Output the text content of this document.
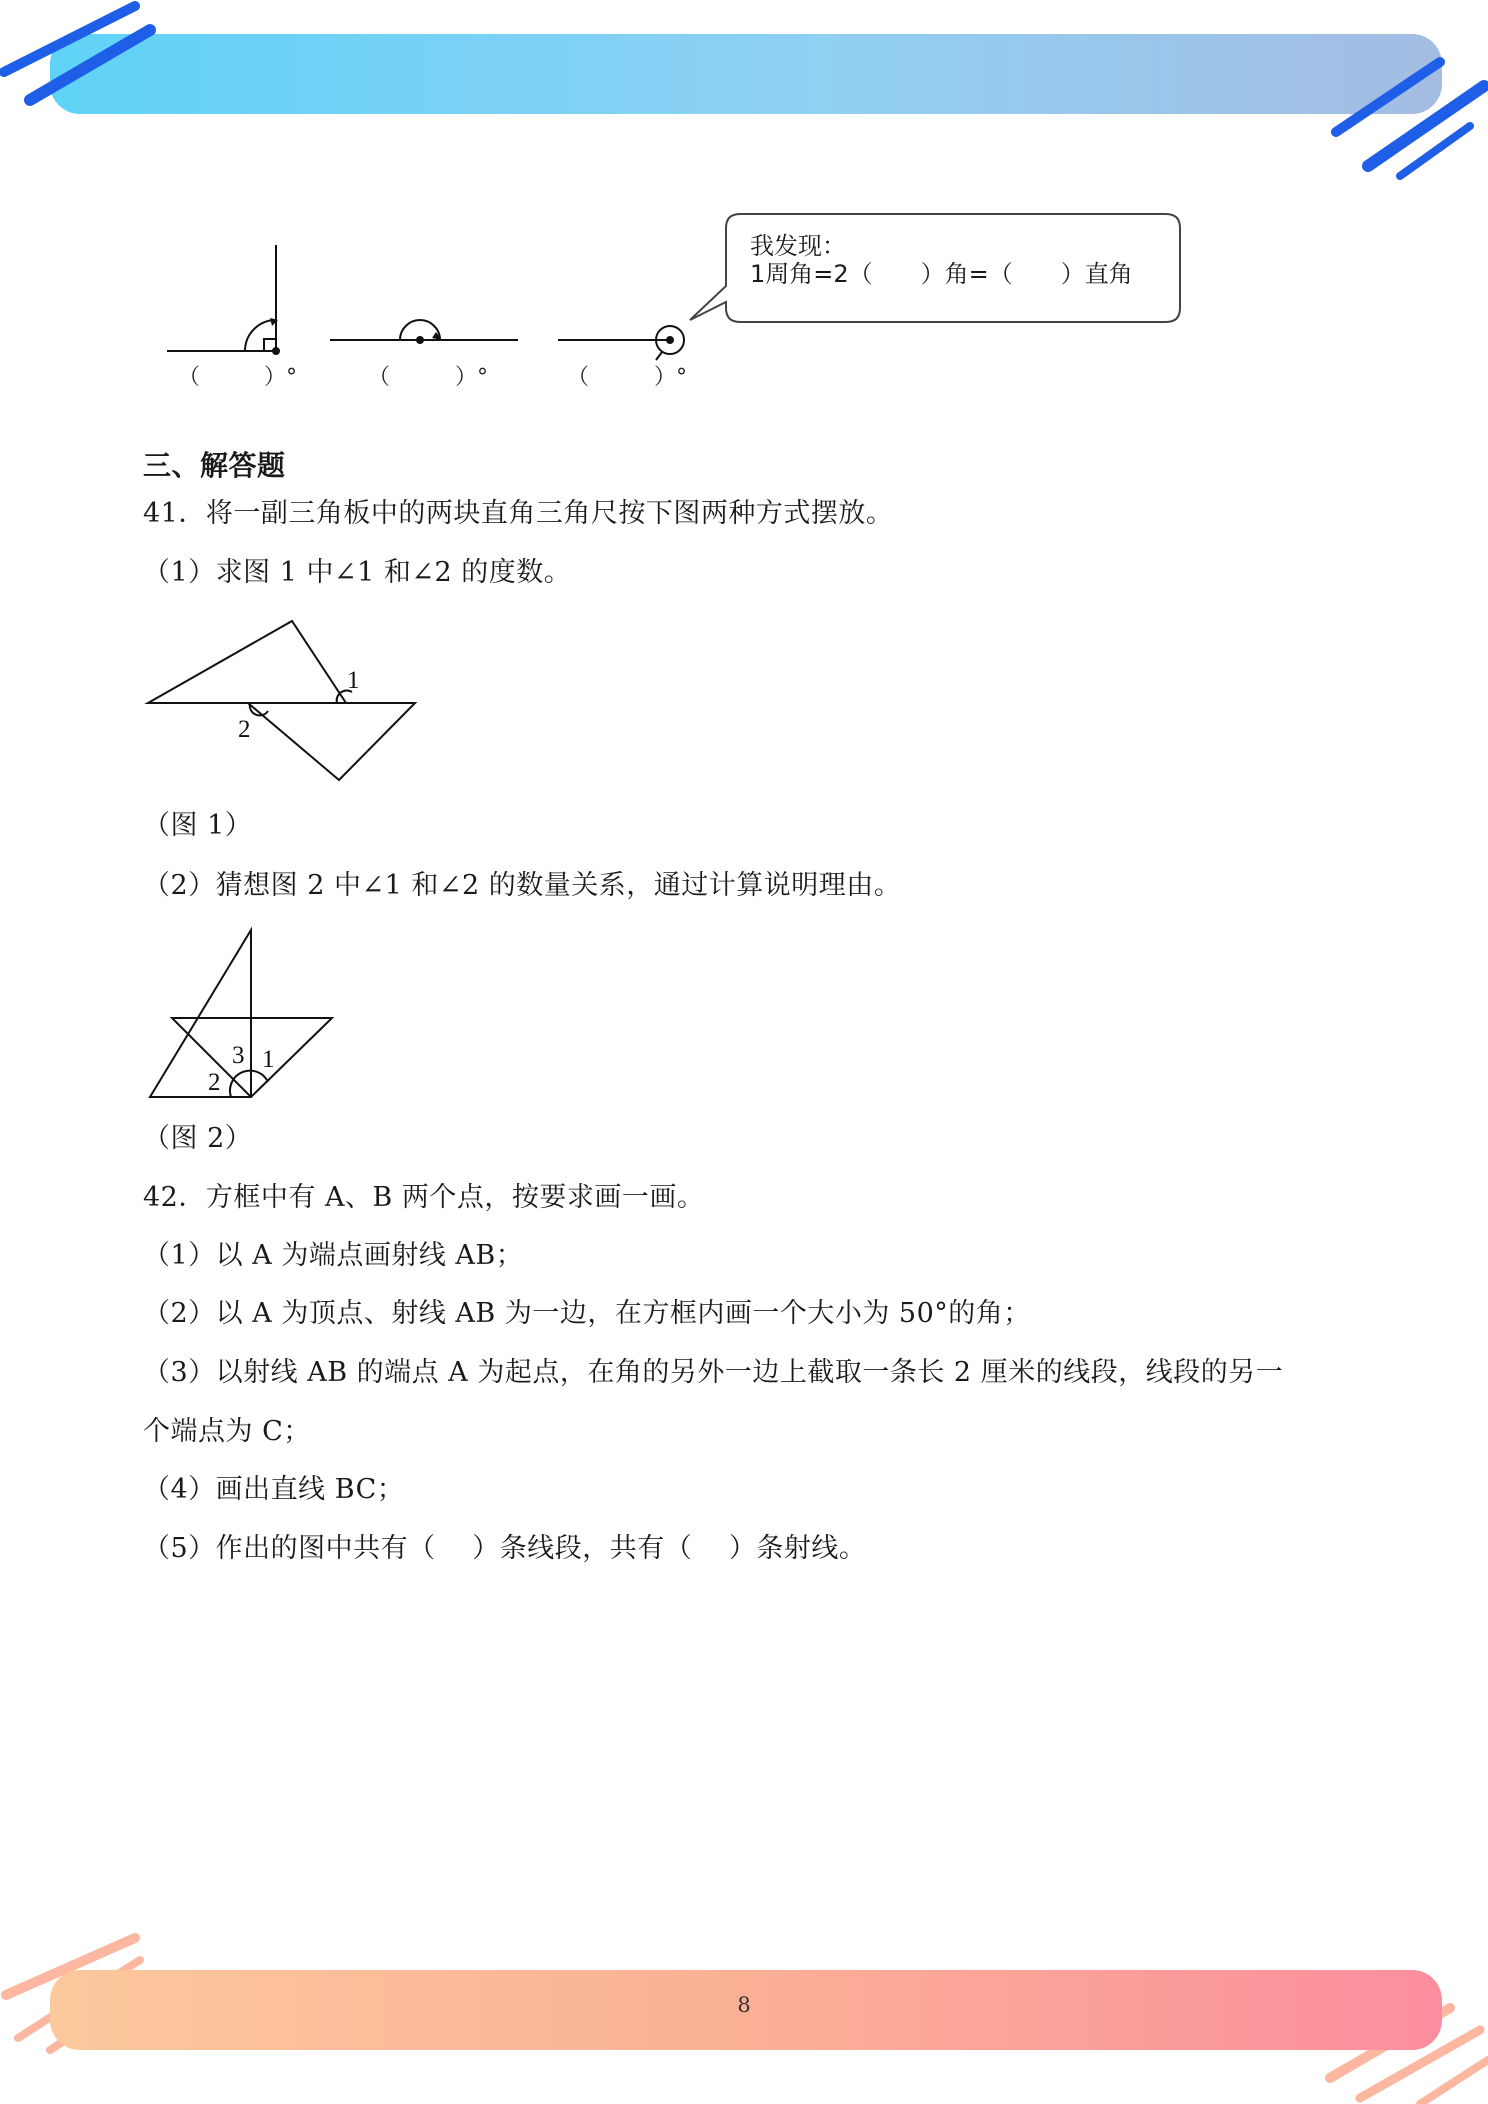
（	）°	（	）°	（	）°
我发现：
1周角=2（　　）角=（　　）直角
三、解答题
41．将一副三角板中的两块直角三角尺按下图两种方式摆放。
（1）求图 1 中∠1 和∠2 的度数。
1
2
（图 1）
（2）猜想图 2 中∠1 和∠2 的数量关系，通过计算说明理由。
3 1
2
（图 2）
42．方框中有 A、B 两个点，按要求画一画。
（1）以 A 为端点画射线 AB；
（2）以 A 为顶点、射线 AB 为一边，在方框内画一个大小为 50°的角；
（3）以射线 AB 的端点 A 为起点，在角的另外一边上截取一条长 2 厘米的线段，线段的另一
个端点为 C；
（4）画出直线 BC；
（5）作出的图中共有（　 ）条线段，共有（　 ）条射线。
8
